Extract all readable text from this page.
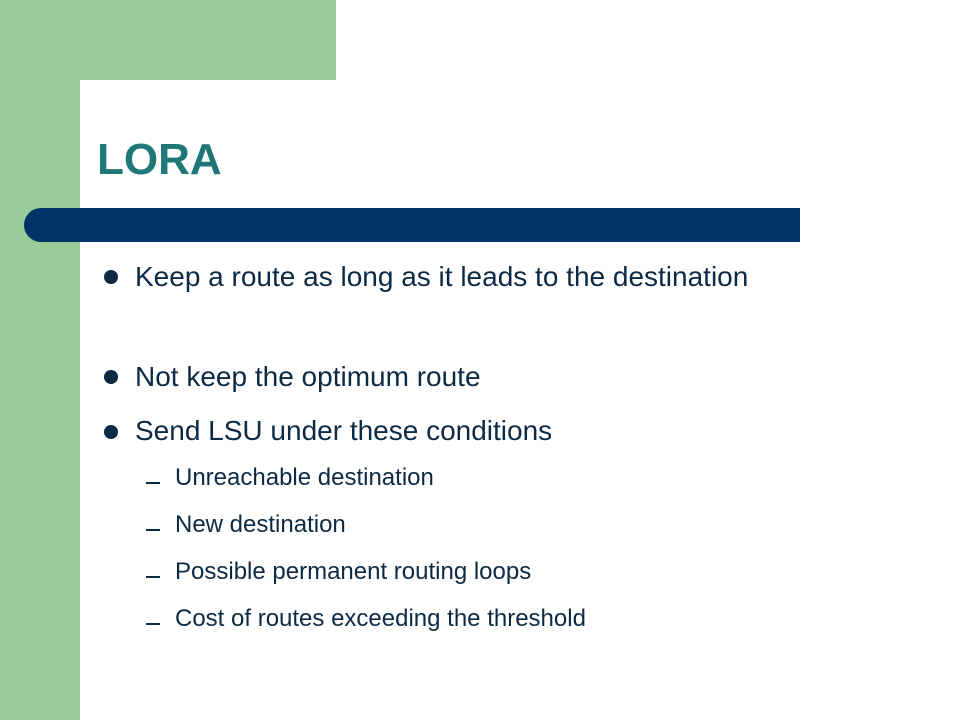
LORA
Keep a route as long as it leads to the destination
Not keep the optimum route
Send LSU under these conditions
Unreachable destination
New destination
Possible permanent routing loops
Cost of routes exceeding the threshold
